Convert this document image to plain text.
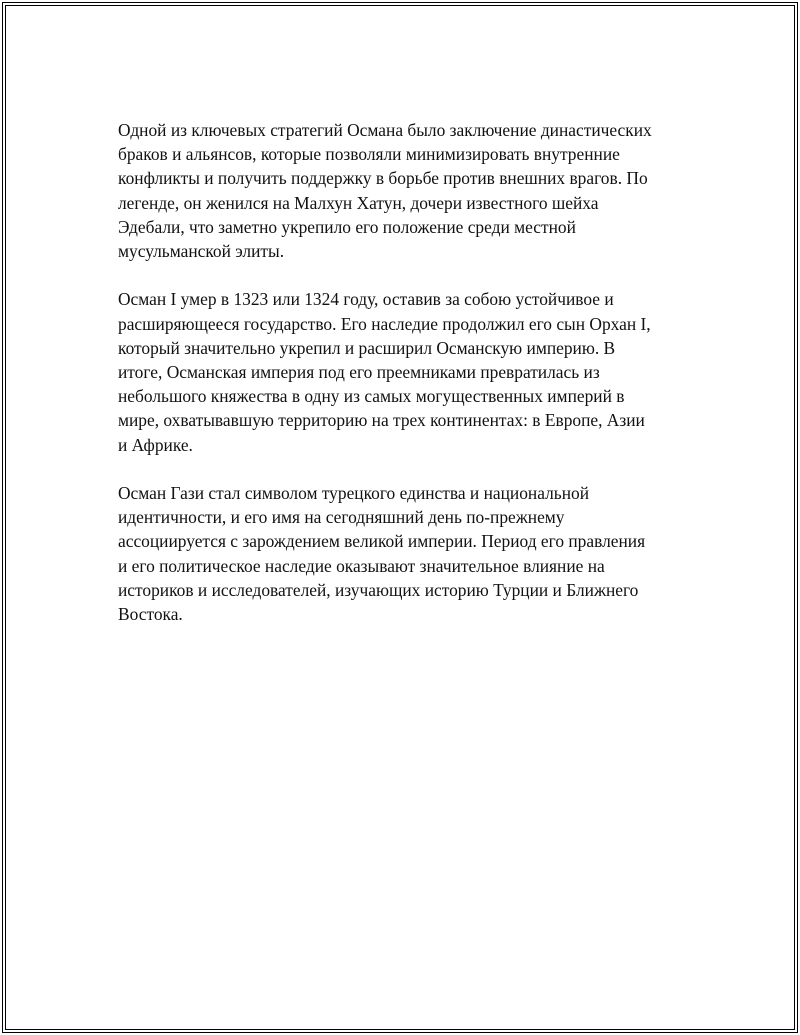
Одной из ключевых стратегий Османа было заключение династических
браков и альянсов, которые позволяли минимизировать внутренние
конфликты и получить поддержку в борьбе против внешних врагов. По
легенде, он женился на Малхун Хатун, дочери известного шейха
Эдебали, что заметно укрепило его положение среди местной
мусульманской элиты.

Осман I умер в 1323 или 1324 году, оставив за собою устойчивое и
расширяющееся государство. Его наследие продолжил его сын Орхан I,
который значительно укрепил и расширил Османскую империю. В
итоге, Османская империя под его преемниками превратилась из
небольшого княжества в одну из самых могущественных империй в
мире, охватывавшую территорию на трех континентах: в Европе, Азии
и Африке.

Осман Гази стал символом турецкого единства и национальной
идентичности, и его имя на сегодняшний день по-прежнему
ассоциируется с зарождением великой империи. Период его правления
и его политическое наследие оказывают значительное влияние на
историков и исследователей, изучающих историю Турции и Ближнего
Востока.
